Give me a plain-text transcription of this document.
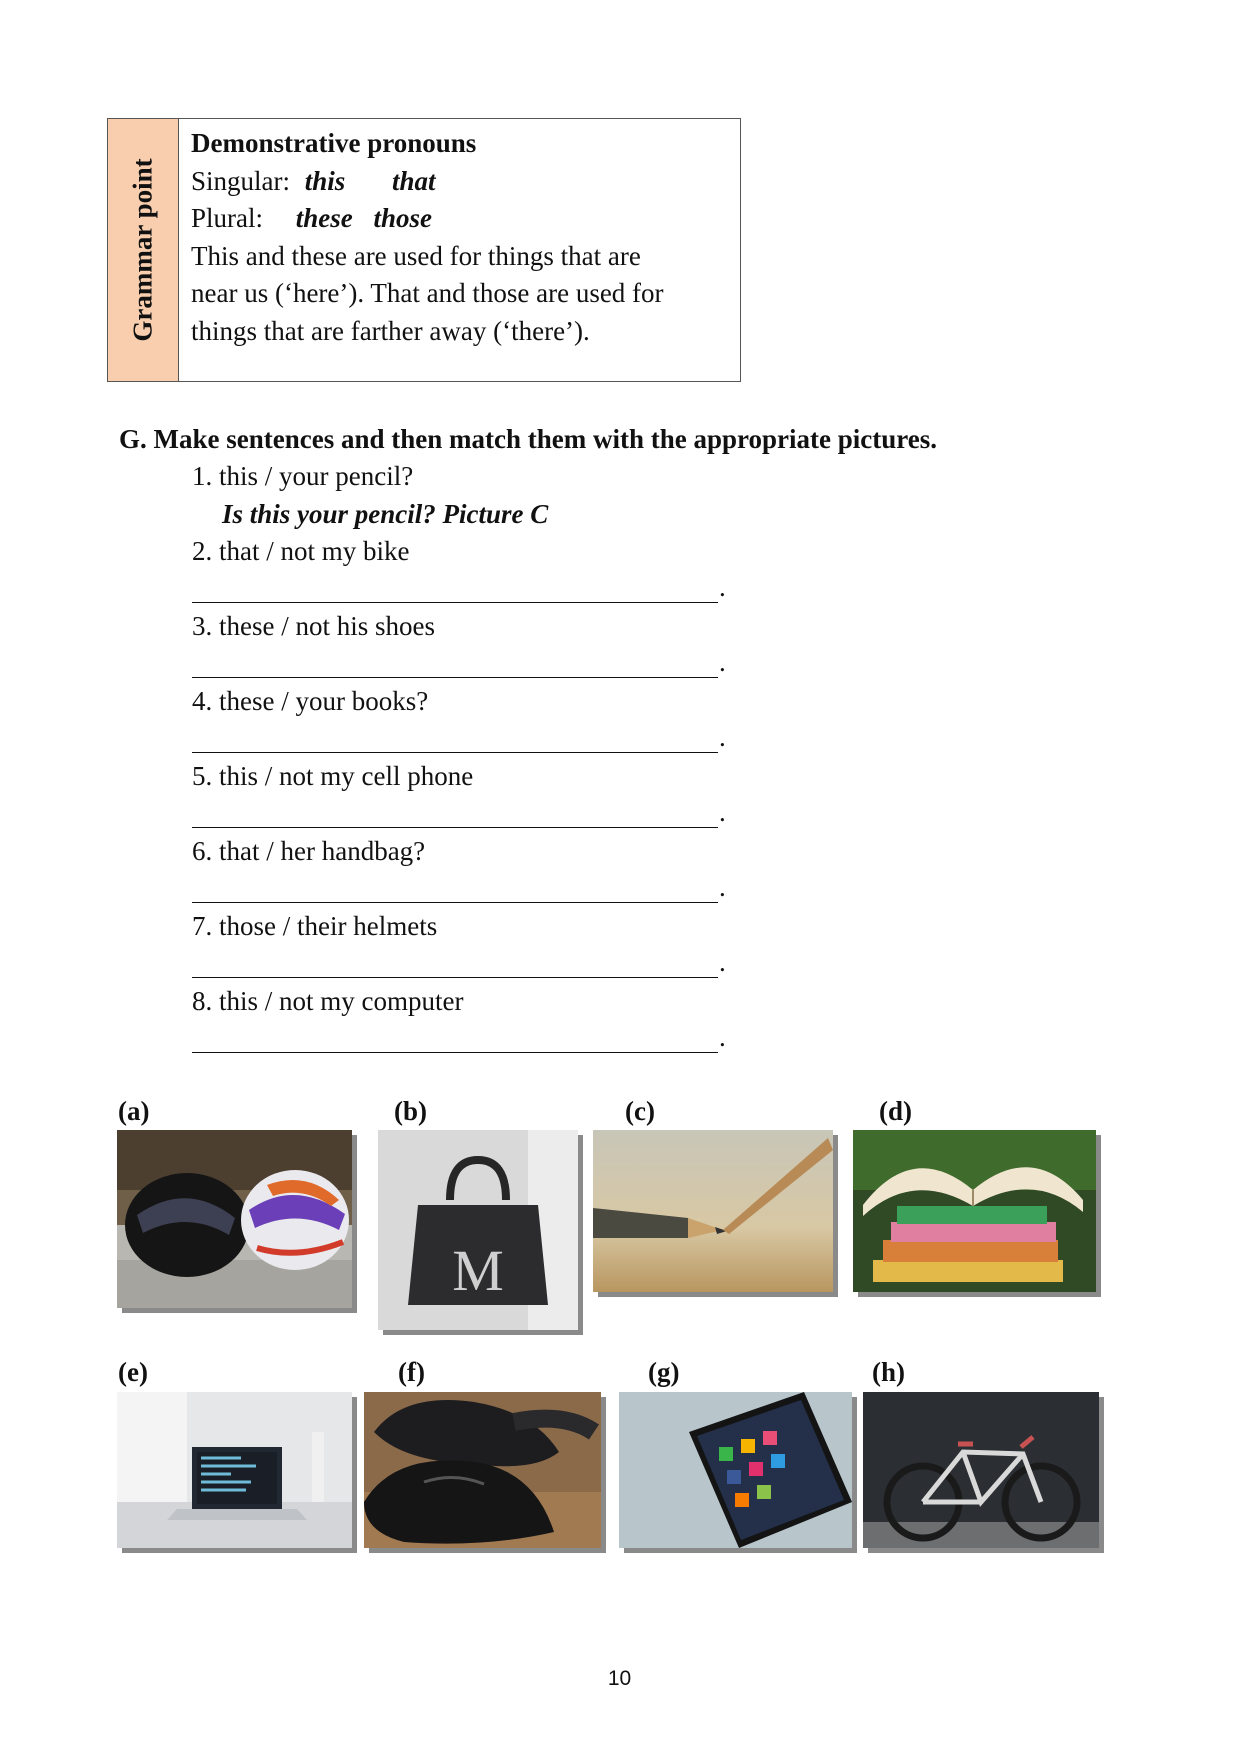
Grammar point
Demonstrative pronouns
Singular: this that
Plural: these those
This and these are used for things that are
near us (‘here’). That and those are used for
things that are farther away (‘there’).
G. Make sentences and then match them with the appropriate pictures.
1. this / your pencil?
Is this your pencil? Picture C
2. that / not my bike
.
3. these / not his shoes
.
4. these / your books?
.
5. this / not my cell phone
.
6. that / her handbag?
.
7. those / their helmets
.
8. this / not my computer
.
(a)	(b)	(c)	(d)
(e)	(f)	(g)	(h)
M
10
